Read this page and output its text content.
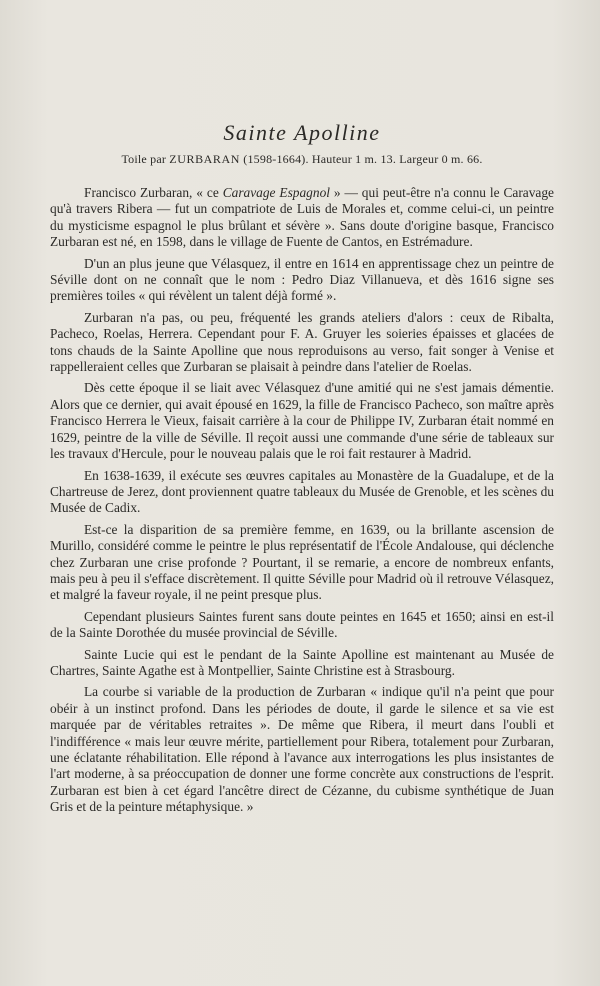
Sainte Apolline
Toile par ZURBARAN (1598-1664). Hauteur 1 m. 13. Largeur 0 m. 66.

Francisco Zurbaran, « ce Caravage Espagnol » — qui peut-être n'a connu le Caravage qu'à travers Ribera — fut un compatriote de Luis de Morales et, comme celui-ci, un peintre du mysticisme espagnol le plus brûlant et sévère ». Sans doute d'origine basque, Francisco Zurbaran est né, en 1598, dans le village de Fuente de Cantos, en Estrémadure.

D'un an plus jeune que Vélasquez, il entre en 1614 en apprentissage chez un peintre de Séville dont on ne connaît que le nom : Pedro Diaz Villanueva, et dès 1616 signe ses premières toiles « qui révèlent un talent déjà formé ».

Zurbaran n'a pas, ou peu, fréquenté les grands ateliers d'alors : ceux de Ribalta, Pacheco, Roelas, Herrera. Cependant pour F. A. Gruyer les soieries épaisses et glacées de tons chauds de la Sainte Apolline que nous reproduisons au verso, fait songer à Venise et rappelleraient celles que Zurbaran se plaisait à peindre dans l'atelier de Roelas.

Dès cette époque il se liait avec Vélasquez d'une amitié qui ne s'est jamais démentie. Alors que ce dernier, qui avait épousé en 1629, la fille de Francisco Pacheco, son maître après Francisco Herrera le Vieux, faisait carrière à la cour de Philippe IV, Zurbaran était nommé en 1629, peintre de la ville de Séville. Il reçoit aussi une commande d'une série de tableaux sur les travaux d'Hercule, pour le nouveau palais que le roi fait restaurer à Madrid.

En 1638-1639, il exécute ses œuvres capitales au Monastère de la Guadalupe, et de la Chartreuse de Jerez, dont proviennent quatre tableaux du Musée de Grenoble, et les scènes du Musée de Cadix.

Est-ce la disparition de sa première femme, en 1639, ou la brillante ascension de Murillo, considéré comme le peintre le plus représentatif de l'École Andalouse, qui déclenche chez Zurbaran une crise profonde ? Pourtant, il se remarie, a encore de nombreux enfants, mais peu à peu il s'efface discrètement. Il quitte Séville pour Madrid où il retrouve Vélasquez, et malgré la faveur royale, il ne peint presque plus.

Cependant plusieurs Saintes furent sans doute peintes en 1645 et 1650; ainsi en est-il de la Sainte Dorothée du musée provincial de Séville.

Sainte Lucie qui est le pendant de la Sainte Apolline est maintenant au Musée de Chartres, Sainte Agathe est à Montpellier, Sainte Christine est à Strasbourg.

La courbe si variable de la production de Zurbaran « indique qu'il n'a peint que pour obéir à un instinct profond. Dans les périodes de doute, il garde le silence et sa vie est marquée par de véritables retraites ». De même que Ribera, il meurt dans l'oubli et l'indifférence « mais leur œuvre mérite, partiellement pour Ribera, totalement pour Zurbaran, une éclatante réhabilitation. Elle répond à l'avance aux interrogations les plus insistantes de l'art moderne, à sa préoccupation de donner une forme concrète aux constructions de l'esprit. Zurbaran est bien à cet égard l'ancêtre direct de Cézanne, du cubisme synthétique de Juan Gris et de la peinture métaphysique. »
